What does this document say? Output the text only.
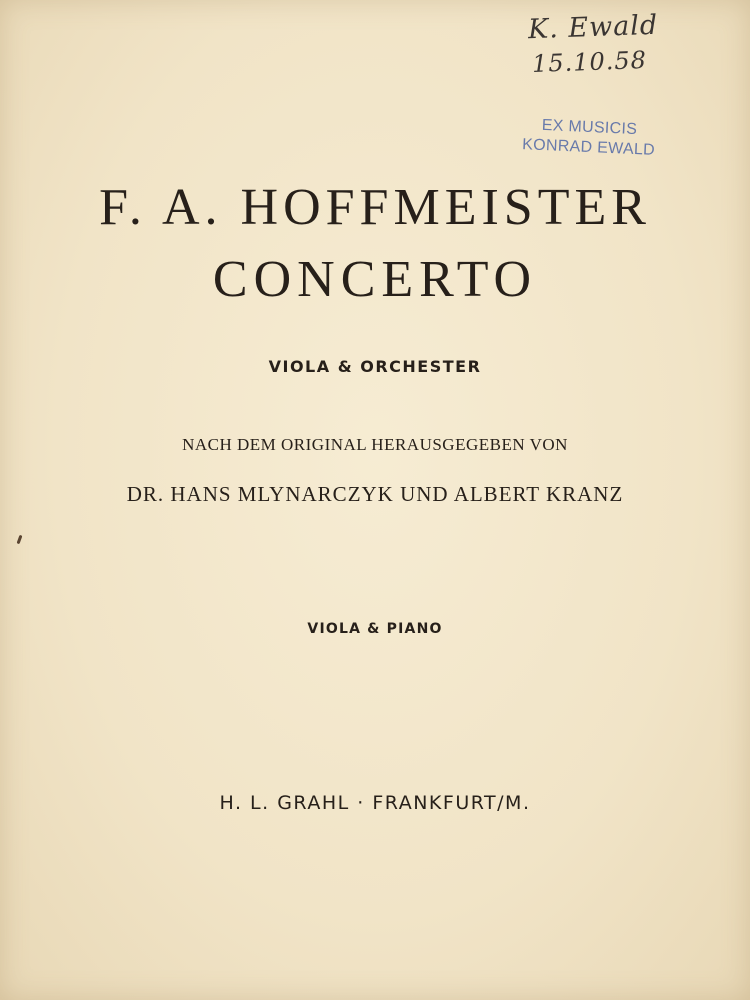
K. Ewald
15.10.58
EX MUSICIS
KONRAD EWALD
F. A. HOFFMEISTER
CONCERTO
VIOLA & ORCHESTER
NACH DEM ORIGINAL HERAUSGEGEBEN VON
DR. HANS MLYNARCZYK UND ALBERT KRANZ
VIOLA & PIANO
H. L. GRAHL · FRANKFURT/M.
